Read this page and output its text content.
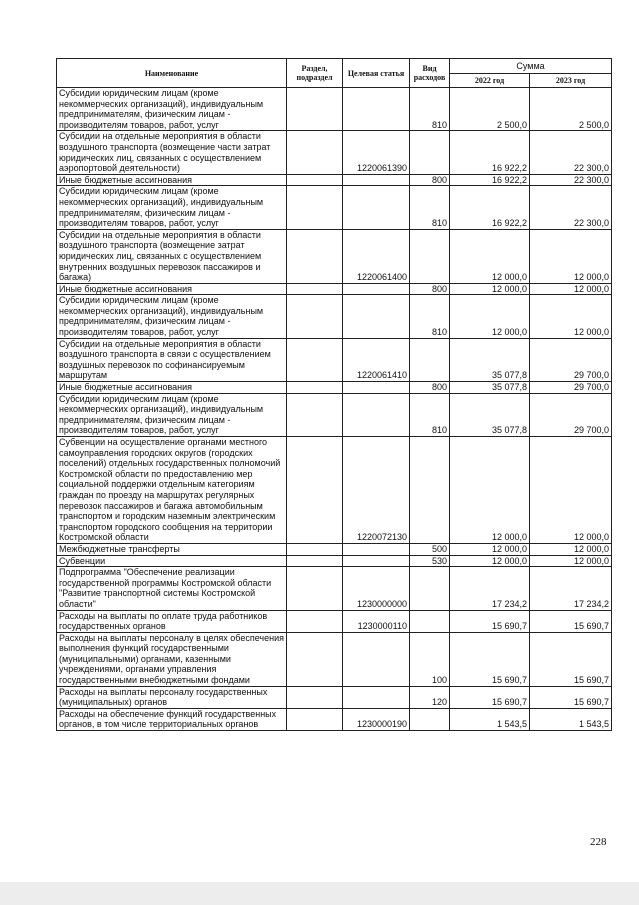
Наименование	Раздел, подраздел	Целевая статья	Вид расходов	Сумма	
				2022 год	2023 год
Субсидии юридическим лицам (кроме некоммерческих организаций), индивидуальным предпринимателям, физическим лицам - производителям товаров, работ, услуг			810	2 500,0	2 500,0
Субсидии на отдельные мероприятия в области воздушного транспорта (возмещение части затрат юридических лиц, связанных с осуществлением аэропортовой деятельности)		1220061390		16 922,2	22 300,0
Иные бюджетные ассигнования			800	16 922,2	22 300,0
Субсидии юридическим лицам (кроме некоммерческих организаций), индивидуальным предпринимателям, физическим лицам - производителям товаров, работ, услуг			810	16 922,2	22 300,0
Субсидии на отдельные мероприятия в области воздушного транспорта (возмещение затрат юридических лиц, связанных с осуществлением внутренних воздушных перевозок пассажиров и багажа)		1220061400		12 000,0	12 000,0
Иные бюджетные ассигнования			800	12 000,0	12 000,0
Субсидии юридическим лицам (кроме некоммерческих организаций), индивидуальным предпринимателям, физическим лицам - производителям товаров, работ, услуг			810	12 000,0	12 000,0
Субсидии на отдельные мероприятия в области воздушного транспорта в связи с осуществлением воздушных перевозок по софинансируемым маршрутам		1220061410		35 077,8	29 700,0
Иные бюджетные ассигнования			800	35 077,8	29 700,0
Субсидии юридическим лицам (кроме некоммерческих организаций), индивидуальным предпринимателям, физическим лицам - производителям товаров, работ, услуг			810	35 077,8	29 700,0
Субвенции на осуществление органами местного самоуправления городских округов (городских поселений) отдельных государственных полномочий Костромской области по предоставлению мер социальной поддержки отдельным категориям граждан по проезду на маршрутах регулярных перевозок пассажиров и багажа автомобильным транспортом и городским наземным электрическим транспортом городского сообщения на территории Костромской области		1220072130		12 000,0	12 000,0
Межбюджетные трансферты			500	12 000,0	12 000,0
Субвенции			530	12 000,0	12 000,0
Подпрограмма "Обеспечение реализации государственной программы Костромской области "Развитие транспортной системы Костромской области"		1230000000		17 234,2	17 234,2
Расходы на выплаты по оплате труда работников государственных органов		1230000110		15 690,7	15 690,7
Расходы на выплаты персоналу в целях обеспечения выполнения функций государственными (муниципальными) органами, казенными учреждениями, органами управления государственными внебюджетными фондами			100	15 690,7	15 690,7
Расходы на выплаты персоналу государственных (муниципальных) органов			120	15 690,7	15 690,7
Расходы на обеспечение функций государственных органов, в том числе территориальных органов		1230000190		1 543,5	1 543,5
228
